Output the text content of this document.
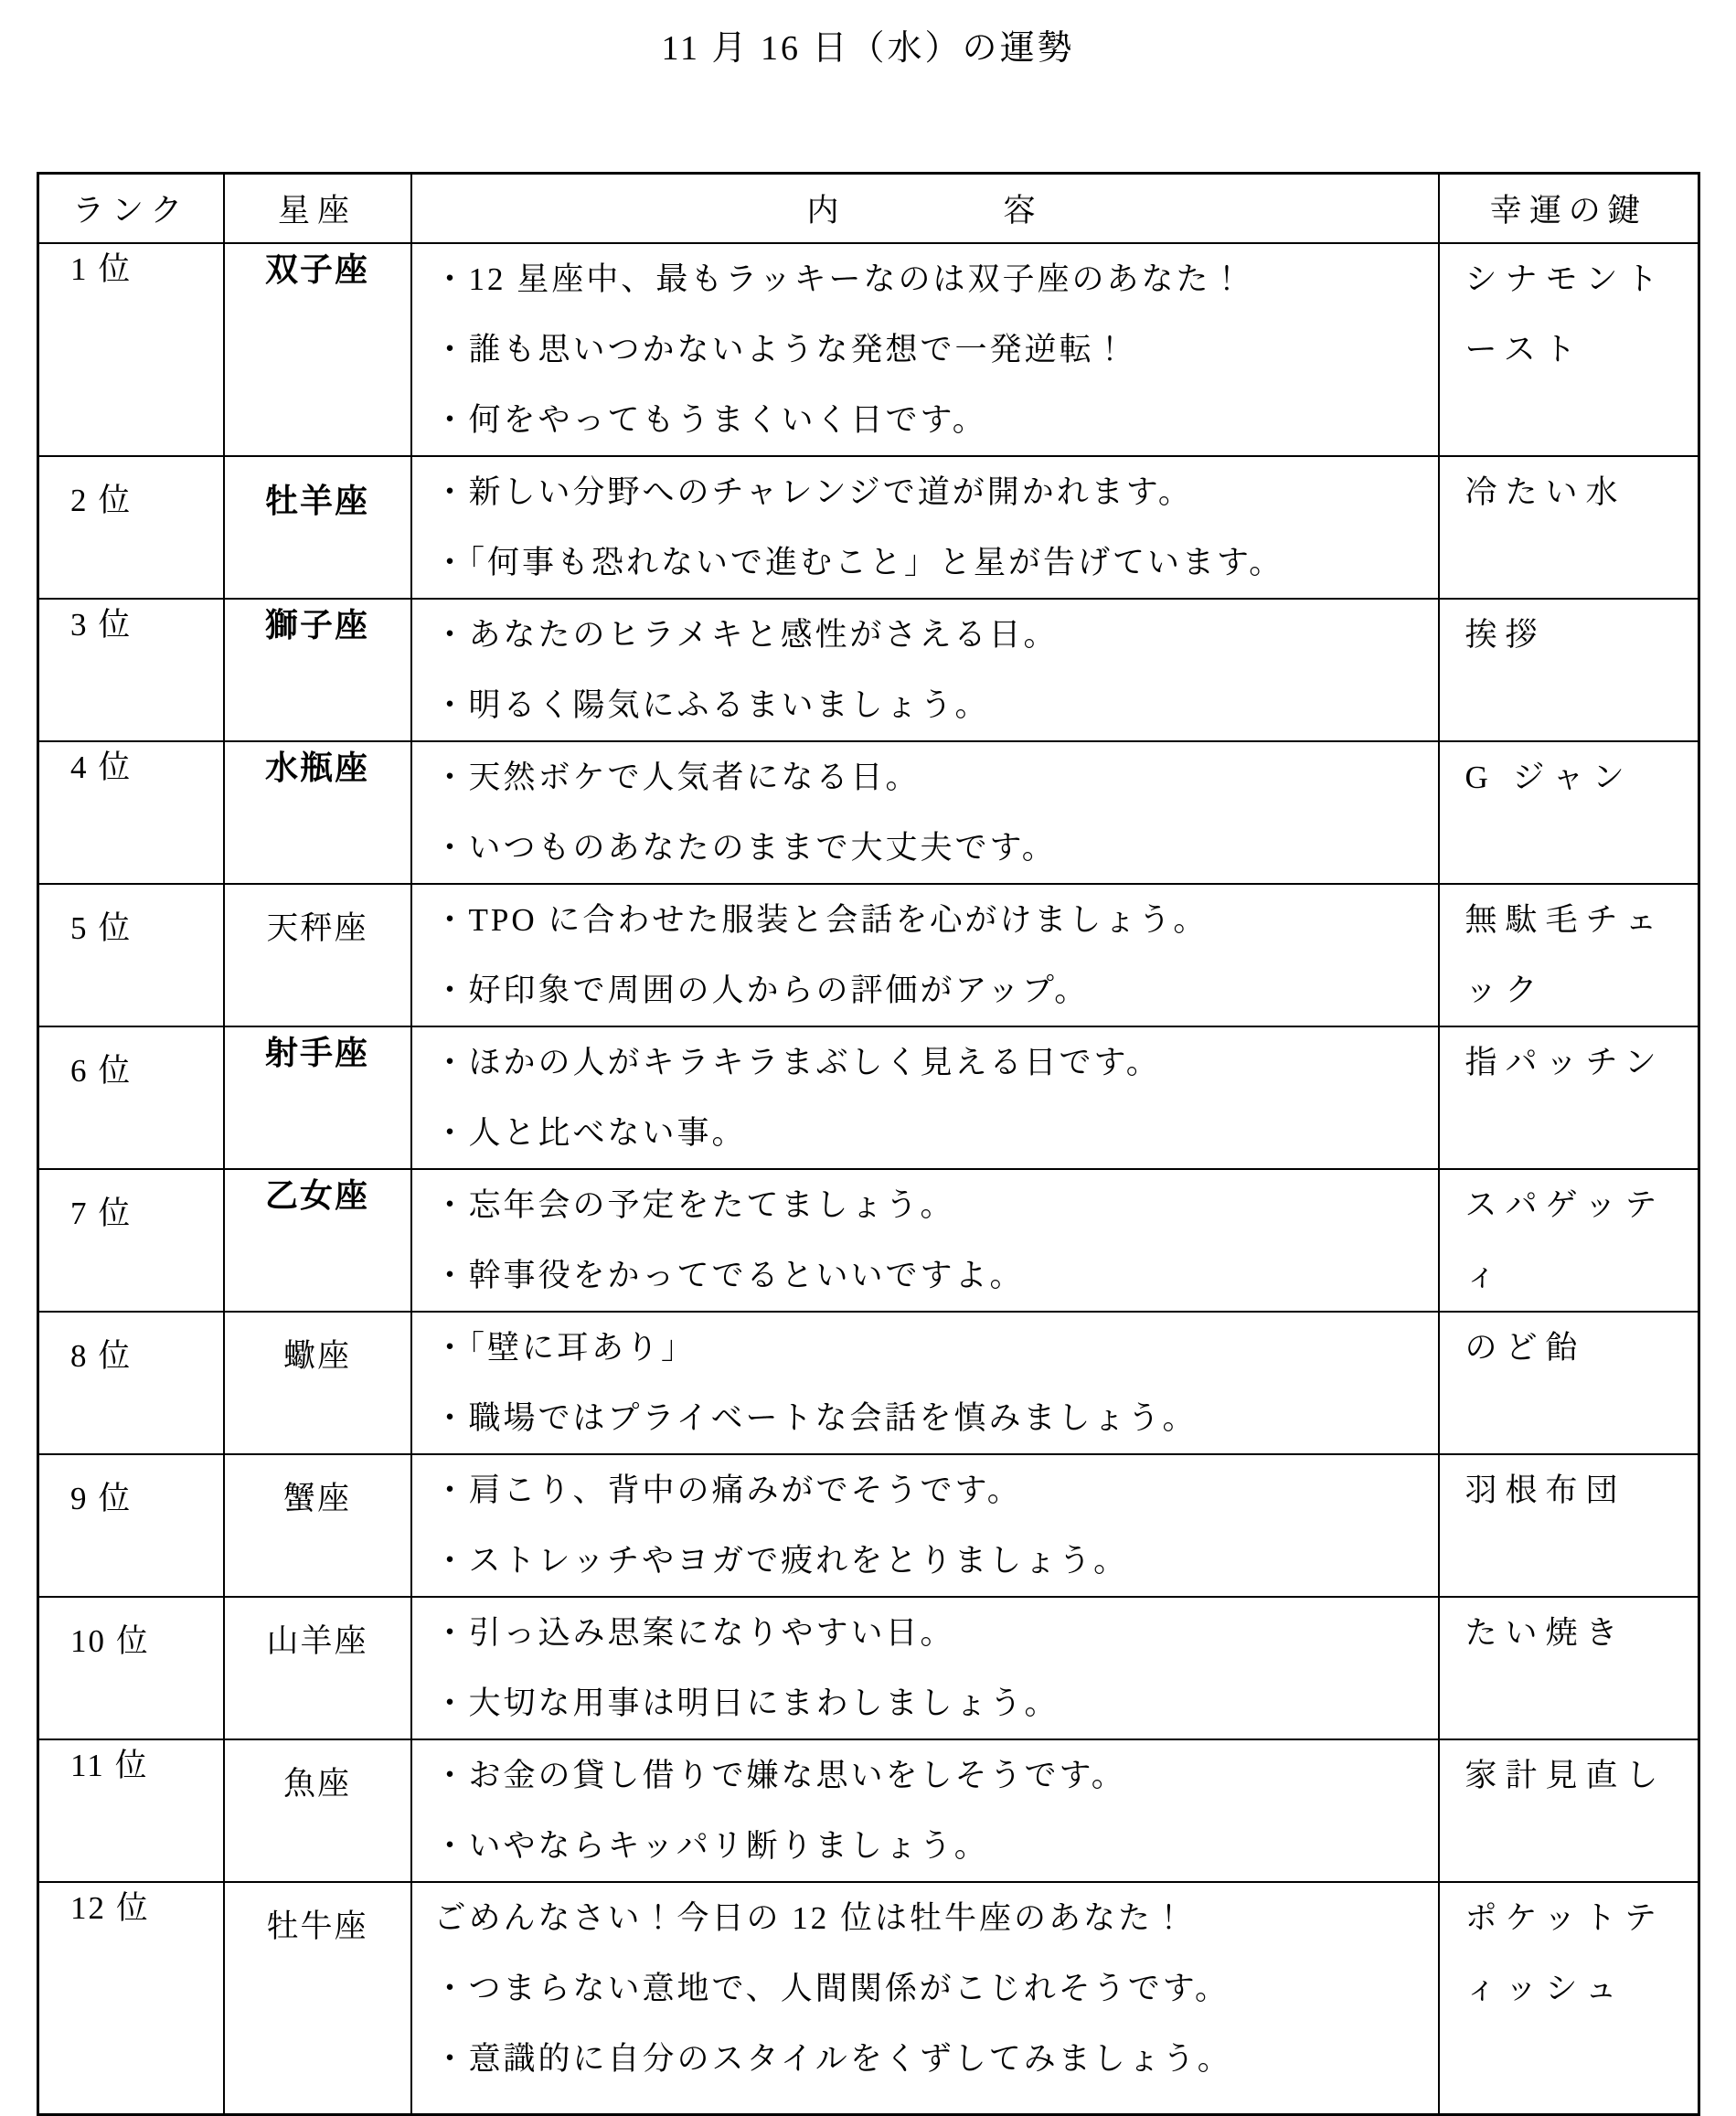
11 月 16 日（水）の運勢
ランク	星座	内　　　　容	幸運の鍵
1 位	双子座	・12 星座中、最もラッキーなのは双子座のあなた！
・誰も思いつかないような発想で一発逆転！
・何をやってもうまくいく日です。	シナモントースト

2 位	牡羊座	・新しい分野へのチャレンジで道が開かれます。
・「何事も恐れないで進むこと」と星が告げています。	冷たい水

3 位	獅子座	・あなたのヒラメキと感性がさえる日。
・明るく陽気にふるまいましょう。	挨拶

4 位	水瓶座	・天然ボケで人気者になる日。
・いつものあなたのままで大丈夫です。	G ジャン

5 位	天秤座	・TPO に合わせた服装と会話を心がけましょう。
・好印象で周囲の人からの評価がアップ。	無駄毛チェック

6 位	射手座	・ほかの人がキラキラまぶしく見える日です。
・人と比べない事。	指パッチン

7 位	乙女座	・忘年会の予定をたてましょう。
・幹事役をかってでるといいですよ。	スパゲッティ

8 位	蠍座	・「壁に耳あり」
・職場ではプライベートな会話を慎みましょう。	のど飴

9 位	蟹座	・肩こり、背中の痛みがでそうです。
・ストレッチやヨガで疲れをとりましょう。	羽根布団

10 位	山羊座	・引っ込み思案になりやすい日。
・大切な用事は明日にまわしましょう。	たい焼き

11 位	魚座	・お金の貸し借りで嫌な思いをしそうです。
・いやならキッパリ断りましょう。	家計見直し

12 位	牡牛座	ごめんなさい！今日の 12 位は牡牛座のあなた！
・つまらない意地で、人間関係がこじれそうです。
・意識的に自分のスタイルをくずしてみましょう。	ポケットティッシュ
